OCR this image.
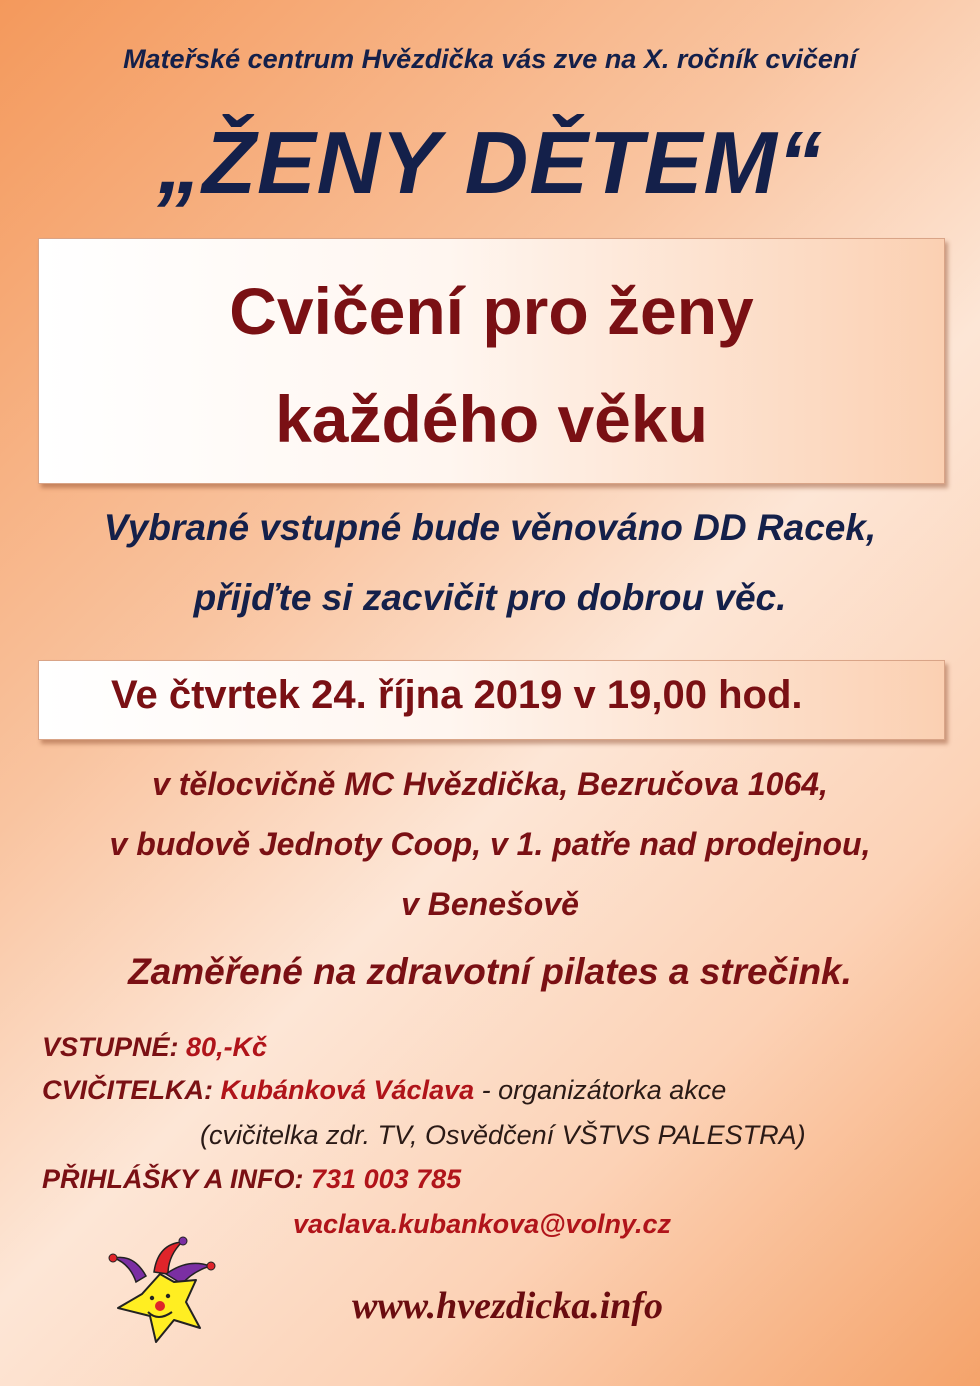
Mateřské centrum Hvězdička vás zve na X. ročník cvičení
„ŽENY DĚTEM“
Cvičení pro ženy
každého věku
Vybrané vstupné bude věnováno DD Racek,
přijďte si zacvičit pro dobrou věc.
Ve čtvrtek 24. října 2019 v 19,00 hod.
v tělocvičně MC Hvězdička, Bezručova 1064,
v budově Jednoty Coop, v 1. patře nad prodejnou,
v Benešově
Zaměřené na zdravotní pilates a strečink.
VSTUPNÉ: 80,-Kč
CVIČITELKA: Kubánková Václava - organizátorka akce
(cvičitelka zdr. TV, Osvědčení VŠTVS PALESTRA)
PŘIHLÁŠKY A INFO: 731 003 785
vaclava.kubankova@volny.cz
www.hvezdicka.info
